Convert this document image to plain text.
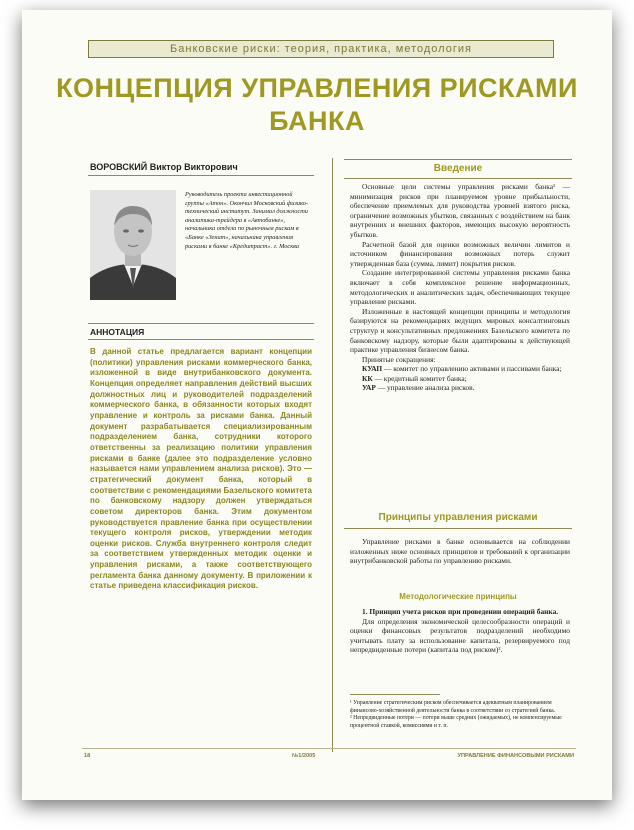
Банковские риски: теория, практика, методология
КОНЦЕПЦИЯ УПРАВЛЕНИЯ РИСКАМИ
БАНКА
ВОРОВСКИЙ Виктор Викторович
Руководитель проекта инвестиционной группы «Атон». Окончил Московский физико-технический институт. Занимал должности аналитика-трейдера в «Автобанке», начальника отдела по рыночным рискам в «Банке «Зенит», начальника управления рисками в банке «Кредитраст». г. Москва
АННОТАЦИЯ
В данной статье предлагается вариант концепции (политики) управления рисками коммерческого банка, изложенной в виде внутрибанковского документа. Концепция определяет направления действий высших должностных лиц и руководителей подразделений коммерческого банка, в обязанности которых входят управление и контроль за рисками банка. Данный документ разрабатывается специализированным подразделением банка, сотрудники которого ответственны за реализацию политики управления рисками в банке (далее это подразделение условно называется нами управлением анализа рисков). Это — стратегический документ банка, который в соответствии с рекомендациями Базельского комитета по банковскому надзору должен утверждаться советом директоров банка. Этим документом руководствуется правление банка при осуществлении текущего контроля рисков, утверждении методик оценки рисков. Служба внутреннего контроля следит за соответствием утвержденных методик оценки и управления рисками, а также соответствующего регламента банка данному документу. В приложении к статье приведена классификация рисков.
Введение

Основные цели системы управления рисками банка¹ — минимизация рисков при планируемом уровне прибыльности, обеспечение приемлемых для руководства уровней взятого риска, ограничение возможных убытков, связанных с воздействием на банк внутренних и внешних факторов, имеющих высокую вероятность убытков.

Расчетной базой для оценки возможных величин лимитов и источником финансирования возможных потерь служит утвержденная база (сумма, лимит) покрытия рисков.

Создание интегрированной системы управления рисками банка включает в себя комплексное решение информационных, методологических и аналитических задач, обеспечивающих текущее управление рисками.

Изложенные в настоящей концепции принципы и методология базируются на рекомендациях ведущих мировых консалтинговых структур и консультативных предложениях Базельского комитета по банковскому надзору, которые были адаптированы к действующей практике управления бизнесом банка.

Принятые сокращения:

КУАП — комитет по управлению активами и пассивами банка;

КК — кредитный комитет банка;

УАР — управление анализа рисков.

Принципы управления рисками

Управление рисками в банке основывается на соблюдении изложенных ниже основных принципов и требований к организации внутрибанковской работы по управлению рисками.

Методологические принципы

1. Принцип учета рисков при проведении операций банка.

Для определения экономической целесообразности операций и оценки финансовых результатов подразделений необходимо учитывать плату за использование капитала, резервируемого под непредвиденные потери (капитала под риском)².

¹ Управление стратегическим риском обеспечивается адекватным планированием финансово-хозяйственной деятельности банка в соответствии со стратегией банка.
² Непредвиденные потери — потери выше средних (ожидаемых), не компенсируемые процентной ставкой, комиссиями и т. п.
18	№1/2005	УПРАВЛЕНИЕ ФИНАНСОВЫМИ РИСКАМИ
